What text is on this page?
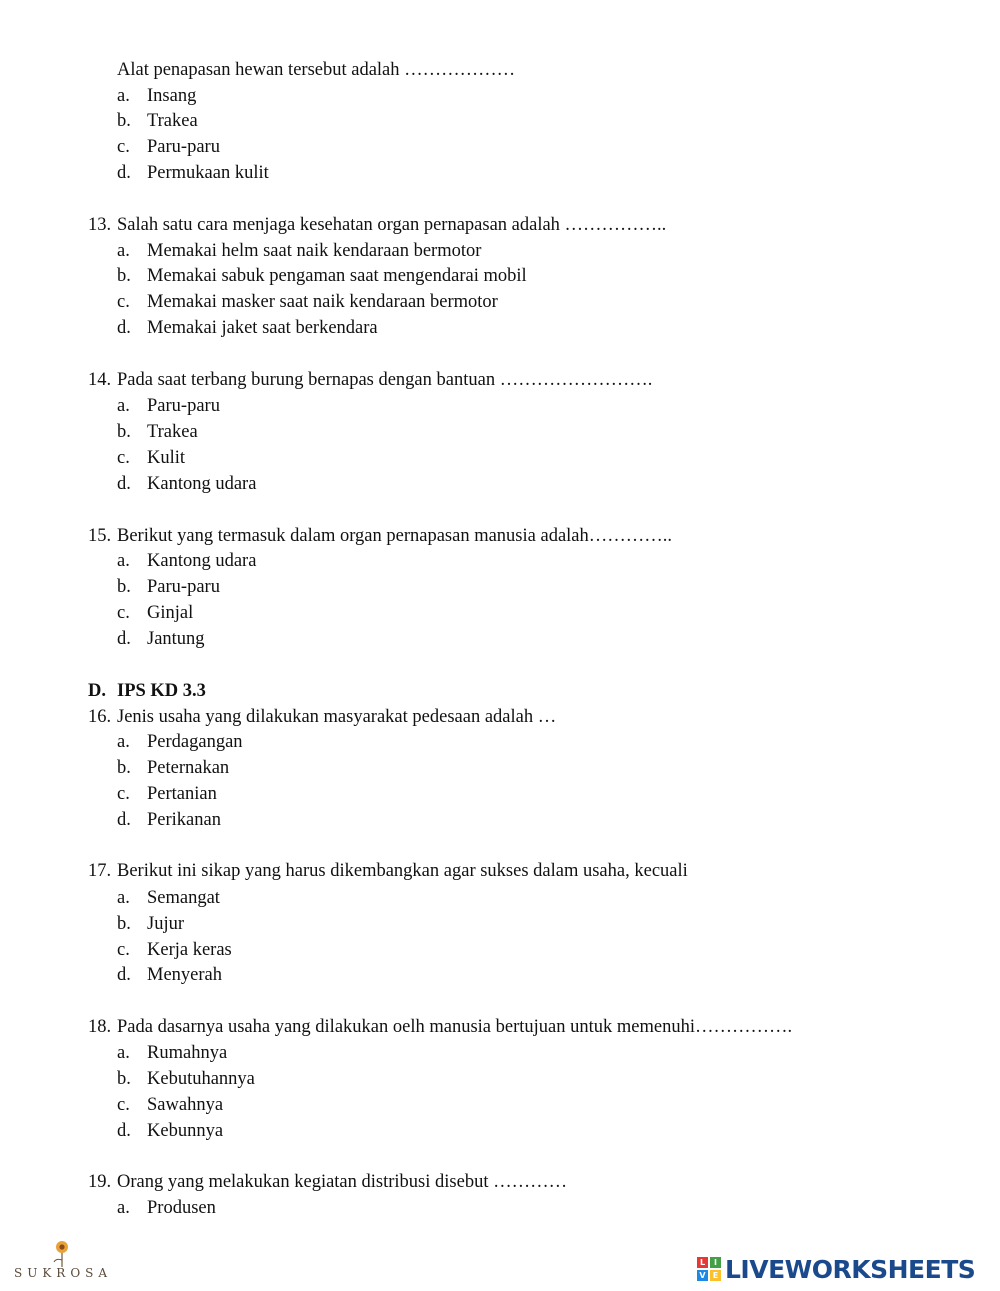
Alat penapasan hewan tersebut adalah ………………
a. Insang
b. Trakea
c. Paru-paru
d. Permukaan kulit
13. Salah satu cara menjaga kesehatan organ pernapasan adalah ……………..
a. Memakai helm saat naik kendaraan bermotor
b. Memakai sabuk pengaman saat mengendarai mobil
c. Memakai masker saat naik kendaraan bermotor
d. Memakai jaket saat berkendara
14. Pada saat terbang burung bernapas dengan bantuan …………………….
a. Paru-paru
b. Trakea
c. Kulit
d. Kantong udara
15. Berikut yang termasuk dalam organ pernapasan manusia adalah…………..
a. Kantong udara
b. Paru-paru
c. Ginjal
d. Jantung
D. IPS KD 3.3
16. Jenis usaha yang dilakukan masyarakat pedesaan adalah …
a. Perdagangan
b. Peternakan
c. Pertanian
d. Perikanan
17. Berikut ini sikap yang harus dikembangkan agar sukses dalam usaha, kecuali
a. Semangat
b. Jujur
c. Kerja keras
d. Menyerah
18. Pada dasarnya usaha yang dilakukan oelh manusia bertujuan untuk memenuhi…………….
a. Rumahnya
b. Kebutuhannya
c. Sawahnya
d. Kebunnya
19. Orang yang melakukan kegiatan distribusi disebut …………
a. Produsen
SUKROSA
L	I
V E LIVEWORKSHEETS
